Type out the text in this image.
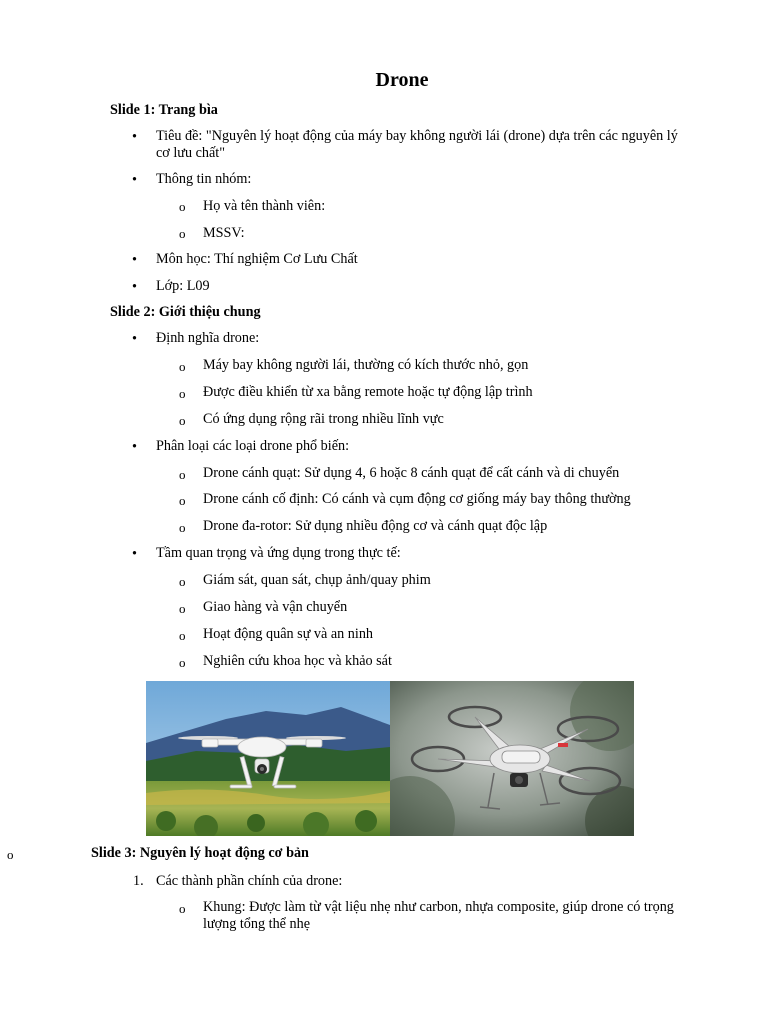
Drone
Slide 1: Trang bìa
• Tiêu đề: "Nguyên lý hoạt động của máy bay không người lái (drone) dựa trên các nguyên lý cơ lưu chất"
• Thông tin nhóm:
o Họ và tên thành viên:
o MSSV:
• Môn học: Thí nghiệm Cơ Lưu Chất
• Lớp: L09
Slide 2: Giới thiệu chung
• Định nghĩa drone:
o Máy bay không người lái, thường có kích thước nhỏ, gọn
o Được điều khiển từ xa bằng remote hoặc tự động lập trình
o Có ứng dụng rộng rãi trong nhiều lĩnh vực
• Phân loại các loại drone phổ biến:
o Drone cánh quạt: Sử dụng 4, 6 hoặc 8 cánh quạt để cất cánh và di chuyển
o Drone cánh cố định: Có cánh và cụm động cơ giống máy bay thông thường
o Drone đa-rotor: Sử dụng nhiều động cơ và cánh quạt độc lập
• Tầm quan trọng và ứng dụng trong thực tế:
o Giám sát, quan sát, chụp ảnh/quay phim
o Giao hàng và vận chuyển
o Hoạt động quân sự và an ninh
o Nghiên cứu khoa học và khảo sát
o	Slide 3: Nguyên lý hoạt động cơ bản
1. Các thành phần chính của drone:
o Khung: Được làm từ vật liệu nhẹ như carbon, nhựa composite, giúp drone có trọng lượng tổng thể nhẹ
